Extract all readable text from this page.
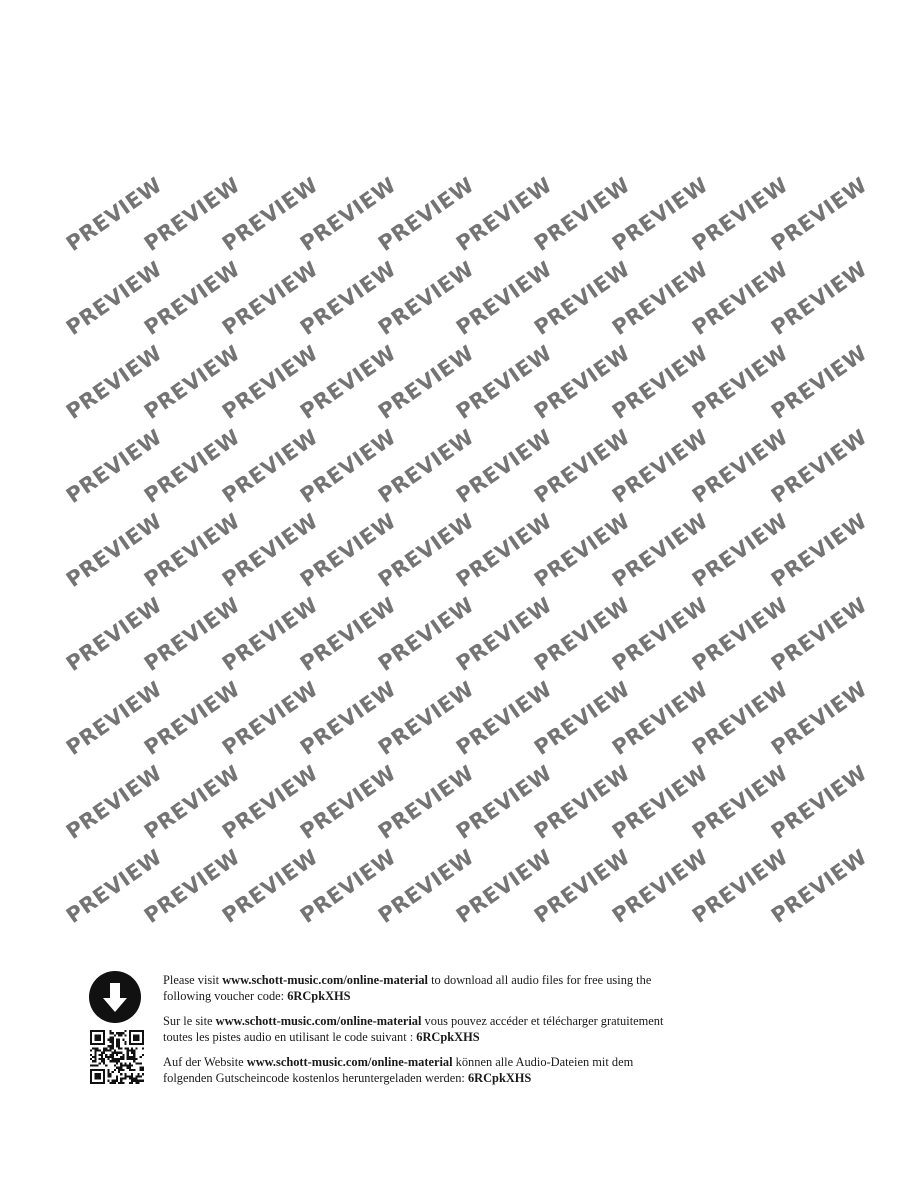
Please visit www.schott-music.com/online-material to download all audio files for free using the following voucher code: 6RCpkXHS

Sur le site www.schott-music.com/online-material vous pouvez accéder et télécharger gratuitement toutes les pistes audio en utilisant le code suivant : 6RCpkXHS

Auf der Website www.schott-music.com/online-material können alle Audio-Dateien mit dem folgenden Gutscheincode kostenlos heruntergeladen werden: 6RCpkXHS

PREVIEW
PREVIEW
PREVIEW
PREVIEW
PREVIEW
PREVIEW
PREVIEW
PREVIEW
PREVIEW
PREVIEW
PREVIEW
PREVIEW
PREVIEW
PREVIEW
PREVIEW
PREVIEW
PREVIEW
PREVIEW
PREVIEW
PREVIEW
PREVIEW
PREVIEW
PREVIEW
PREVIEW
PREVIEW
PREVIEW
PREVIEW
PREVIEW
PREVIEW
PREVIEW
PREVIEW
PREVIEW
PREVIEW
PREVIEW
PREVIEW
PREVIEW
PREVIEW
PREVIEW
PREVIEW
PREVIEW
PREVIEW
PREVIEW
PREVIEW
PREVIEW
PREVIEW
PREVIEW
PREVIEW
PREVIEW
PREVIEW
PREVIEW
PREVIEW
PREVIEW
PREVIEW
PREVIEW
PREVIEW
PREVIEW
PREVIEW
PREVIEW
PREVIEW
PREVIEW
PREVIEW
PREVIEW
PREVIEW
PREVIEW
PREVIEW
PREVIEW
PREVIEW
PREVIEW
PREVIEW
PREVIEW
PREVIEW
PREVIEW
PREVIEW
PREVIEW
PREVIEW
PREVIEW
PREVIEW
PREVIEW
PREVIEW
PREVIEW
PREVIEW
PREVIEW
PREVIEW
PREVIEW
PREVIEW
PREVIEW
PREVIEW
PREVIEW
PREVIEW
PREVIEW
